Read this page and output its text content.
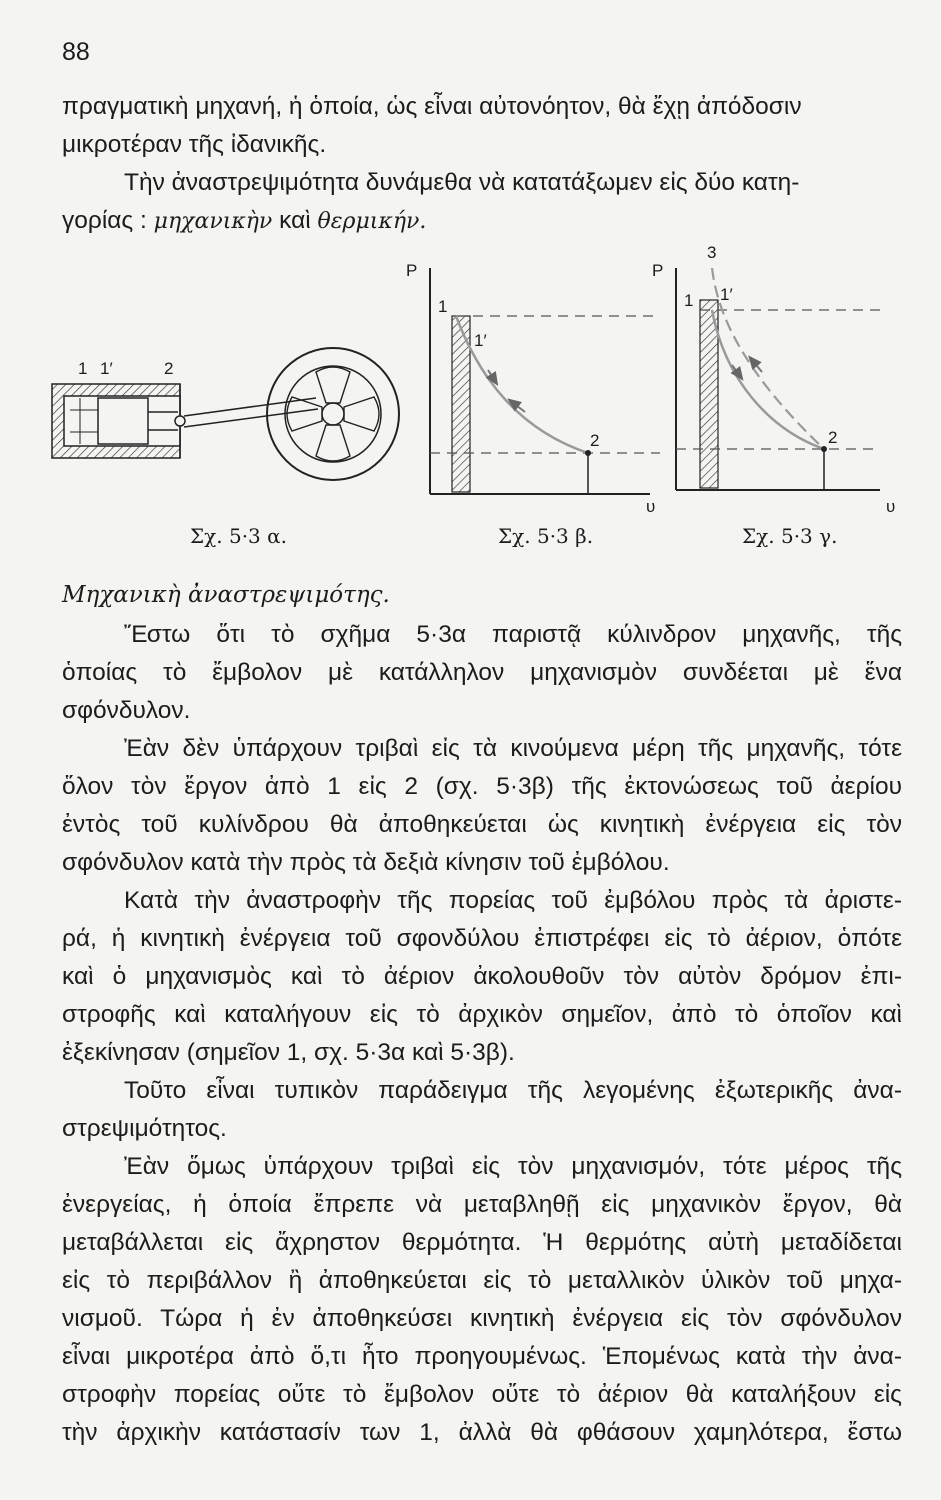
88
πραγματικὴ μηχανή, ἡ ὁποία, ὡς εἶναι αὐτονόητον, θὰ ἔχῃ ἀπόδοσιν
μικροτέραν τῆς ἰδανικῆς.
Τὴν ἀναστρεψιμότητα δυνάμεθα νὰ κατατάξωμεν εἰς δύο κατη-
γορίας : μηχανικὴν καὶ θερμικήν.
1 1′	2
P
υ
1
1′
2
P
υ
3
1 1′
2
Σχ. 5·3 α.	Σχ. 5·3 β.	Σχ. 5·3 γ.
Μηχανικὴ ἀναστρεψιμότης.
Ἔστω ὅτι τὸ σχῆμα 5·3α παριστᾷ κύλινδρον μηχανῆς, τῆς
ὁποίας τὸ ἔμβολον μὲ κατάλληλον μηχανισμὸν συνδέεται μὲ ἕνα
σφόνδυλον.
Ἐὰν δὲν ὑπάρχουν τριβαὶ εἰς τὰ κινούμενα μέρη τῆς μηχανῆς, τότε
ὅλον τὸν ἔργον ἀπὸ 1 εἰς 2 (σχ. 5·3β) τῆς ἐκτονώσεως τοῦ ἀερίου
ἐντὸς τοῦ κυλίνδρου θὰ ἀποθηκεύεται ὡς κινητικὴ ἐνέργεια εἰς τὸν
σφόνδυλον κατὰ τὴν πρὸς τὰ δεξιὰ κίνησιν τοῦ ἐμβόλου.
Κατὰ τὴν ἀναστροφὴν τῆς πορείας τοῦ ἐμβόλου πρὸς τὰ ἀριστε-
ρά, ἡ κινητικὴ ἐνέργεια τοῦ σφονδύλου ἐπιστρέφει εἰς τὸ ἀέριον, ὁπότε
καὶ ὁ μηχανισμὸς καὶ τὸ ἀέριον ἀκολουθοῦν τὸν αὐτὸν δρόμον ἐπι-
στροφῆς καὶ καταλήγουν εἰς τὸ ἀρχικὸν σημεῖον, ἀπὸ τὸ ὁποῖον καὶ
ἐξεκίνησαν (σημεῖον 1, σχ. 5·3α καὶ 5·3β).
Τοῦτο εἶναι τυπικὸν παράδειγμα τῆς λεγομένης ἐξωτερικῆς ἀνα-
στρεψιμότητος.
Ἐὰν ὅμως ὑπάρχουν τριβαὶ εἰς τὸν μηχανισμόν, τότε μέρος τῆς
ἐνεργείας, ἡ ὁποία ἔπρεπε νὰ μεταβληθῇ εἰς μηχανικὸν ἔργον, θὰ
μεταβάλλεται εἰς ἄχρηστον θερμότητα. Ἡ θερμότης αὐτὴ μεταδίδεται
εἰς τὸ περιβάλλον ἢ ἀποθηκεύεται εἰς τὸ μεταλλικὸν ὑλικὸν τοῦ μηχα-
νισμοῦ. Τώρα ἡ ἐν ἀποθηκεύσει κινητικὴ ἐνέργεια εἰς τὸν σφόνδυλον
εἶναι μικροτέρα ἀπὸ ὅ,τι ἦτο προηγουμένως. Ἑπομένως κατὰ τὴν ἀνα-
στροφὴν πορείας οὔτε τὸ ἔμβολον οὔτε τὸ ἀέριον θὰ καταλήξουν εἰς
τὴν ἀρχικὴν κατάστασίν των 1, ἀλλὰ θὰ φθάσουν χαμηλότερα, ἔστω
